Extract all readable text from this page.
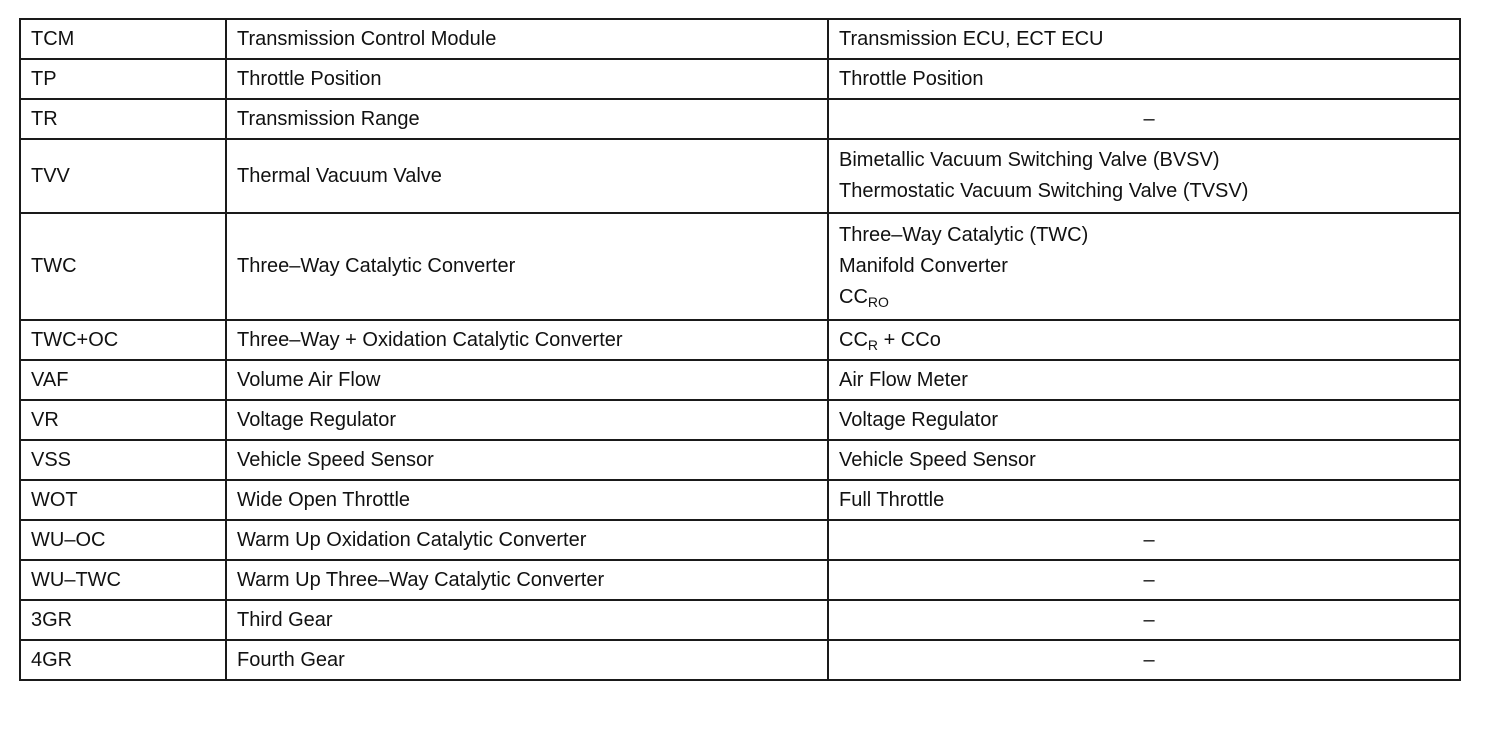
TCM	Transmission Control Module	Transmission ECU, ECT ECU
TP	Throttle Position	Throttle Position
TR	Transmission Range	–
TVV	Thermal Vacuum Valve	Bimetallic Vacuum Switching Valve (BVSV)
Thermostatic Vacuum Switching Valve (TVSV)

TWC	Three–Way Catalytic Converter	Three–Way Catalytic (TWC)
Manifold Converter
$CC_{RO}$

TWC+OC	Three–Way + Oxidation Catalytic Converter	$CC_R$ + CCo
VAF	Volume Air Flow	Air Flow Meter
VR	Voltage Regulator	Voltage Regulator
VSS	Vehicle Speed Sensor	Vehicle Speed Sensor
WOT	Wide Open Throttle	Full Throttle
WU–OC	Warm Up Oxidation Catalytic Converter	–
WU–TWC	Warm Up Three–Way Catalytic Converter	–
3GR	Third Gear	–
4GR	Fourth Gear	–
